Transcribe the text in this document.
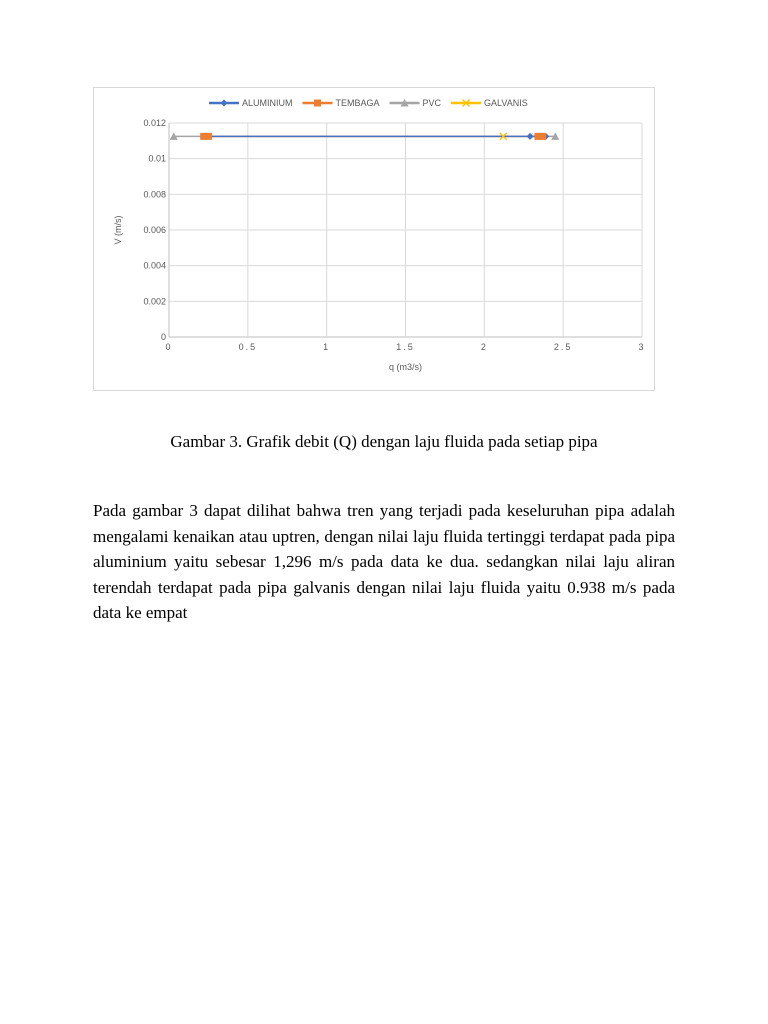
0
0.002
0.004
0.006
0.008
0.01
0.012
0	0.5	1	1.5	2	2.5	3
ALUMINIUM	TEMBAGA	PVC	GALVANIS
q (m3/s)
V (m/s)
Gambar 3. Grafik debit (Q) dengan laju fluida pada setiap pipa

Pada gambar 3 dapat dilihat bahwa tren yang terjadi pada keseluruhan pipa adalah mengalami kenaikan atau uptren, dengan nilai laju fluida tertinggi terdapat pada pipa aluminium yaitu sebesar 1,296 m/s pada data ke dua. sedangkan nilai laju aliran terendah terdapat pada pipa galvanis dengan nilai laju fluida yaitu 0.938 m/s pada data ke empat
